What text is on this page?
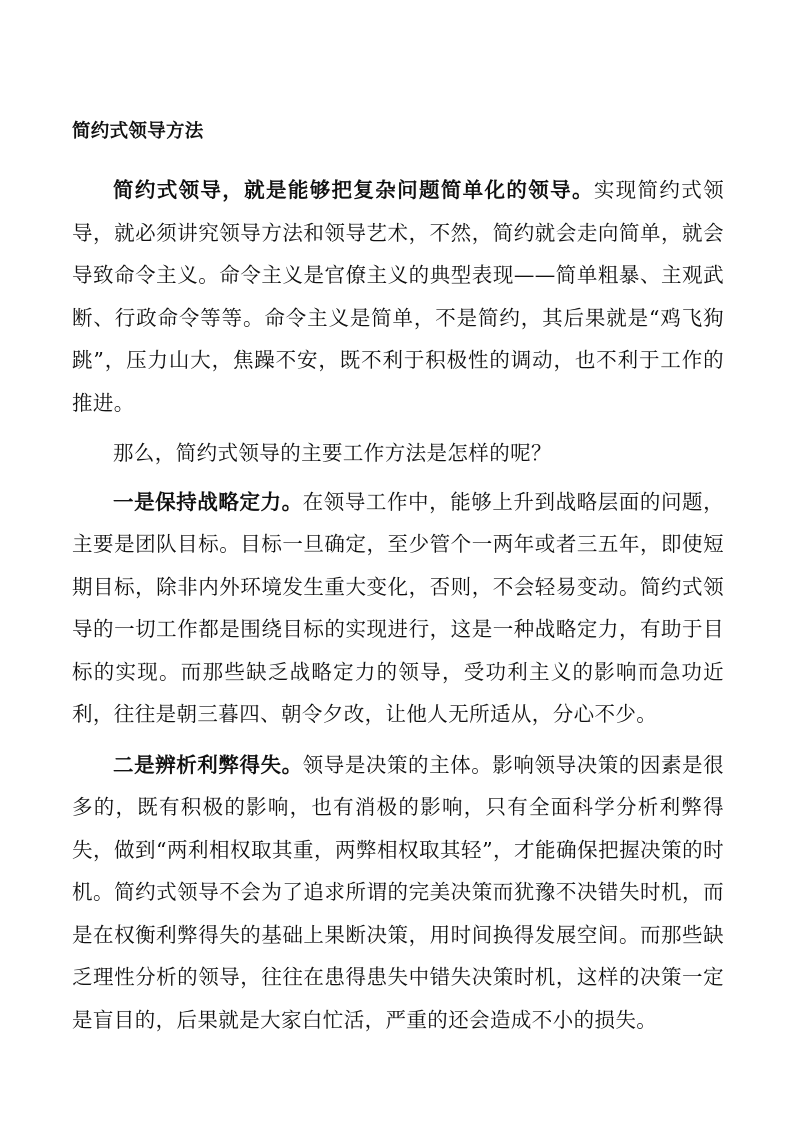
简约式领导方法

简约式领导，就是能够把复杂问题简单化的领导。实现简约式领导，就必须讲究领导方法和领导艺术，不然，简约就会走向简单，就会导致命令主义。命令主义是官僚主义的典型表现——简单粗暴、主观武断、行政命令等等。命令主义是简单，不是简约，其后果就是“鸡飞狗跳”，压力山大，焦躁不安，既不利于积极性的调动，也不利于工作的推进。

那么，简约式领导的主要工作方法是怎样的呢？

一是保持战略定力。在领导工作中，能够上升到战略层面的问题，主要是团队目标。目标一旦确定，至少管个一两年或者三五年，即使短期目标，除非内外环境发生重大变化，否则，不会轻易变动。简约式领导的一切工作都是围绕目标的实现进行，这是一种战略定力，有助于目标的实现。而那些缺乏战略定力的领导，受功利主义的影响而急功近利，往往是朝三暮四、朝令夕改，让他人无所适从，分心不少。

二是辨析利弊得失。领导是决策的主体。影响领导决策的因素是很多的，既有积极的影响，也有消极的影响，只有全面科学分析利弊得失，做到“两利相权取其重，两弊相权取其轻”，才能确保把握决策的时机。简约式领导不会为了追求所谓的完美决策而犹豫不决错失时机，而是在权衡利弊得失的基础上果断决策，用时间换得发展空间。而那些缺乏理性分析的领导，往往在患得患失中错失决策时机，这样的决策一定是盲目的，后果就是大家白忙活，严重的还会造成不小的损失。
